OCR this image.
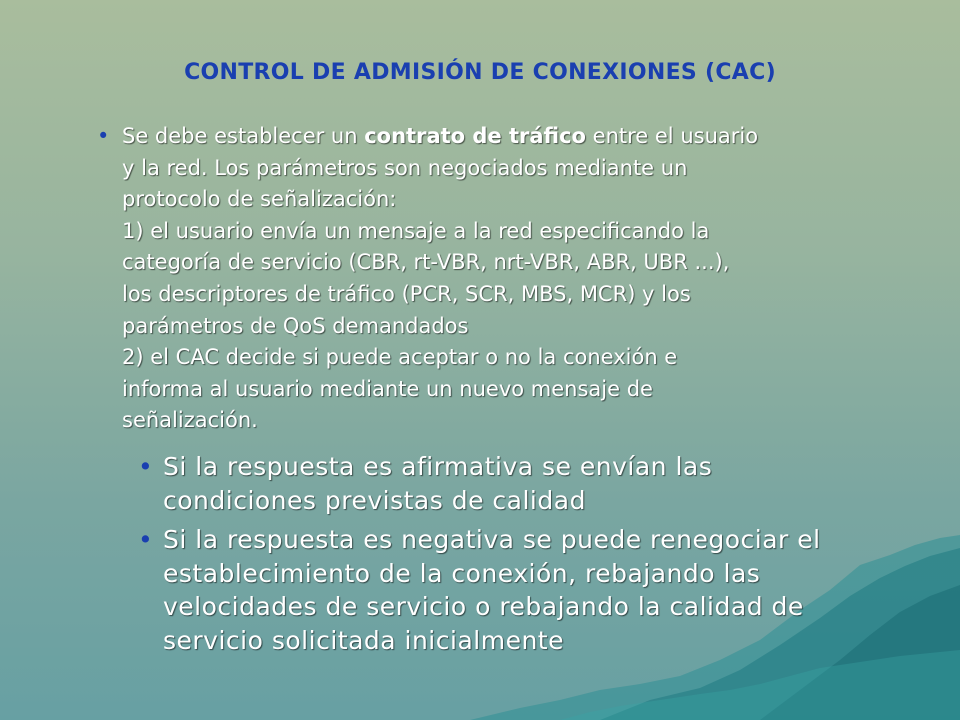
CONTROL DE ADMISIÓN DE CONEXIONES (CAC)
• Se debe establecer un contrato de tráfico entre el usuario
y la red. Los parámetros son negociados mediante un
protocolo de señalización:
1) el usuario envía un mensaje a la red especificando la
categoría de servicio (CBR, rt-VBR, nrt-VBR, ABR, UBR ...),
los descriptores de tráfico (PCR, SCR, MBS, MCR) y los
parámetros de QoS demandados
2) el CAC decide si puede aceptar o no la conexión e
informa al usuario mediante un nuevo mensaje de
señalización.
• Si la respuesta es afirmativa se envían las
condiciones previstas de calidad
• Si la respuesta es negativa se puede renegociar el
establecimiento de la conexión, rebajando las
velocidades de servicio o rebajando la calidad de
servicio solicitada inicialmente
